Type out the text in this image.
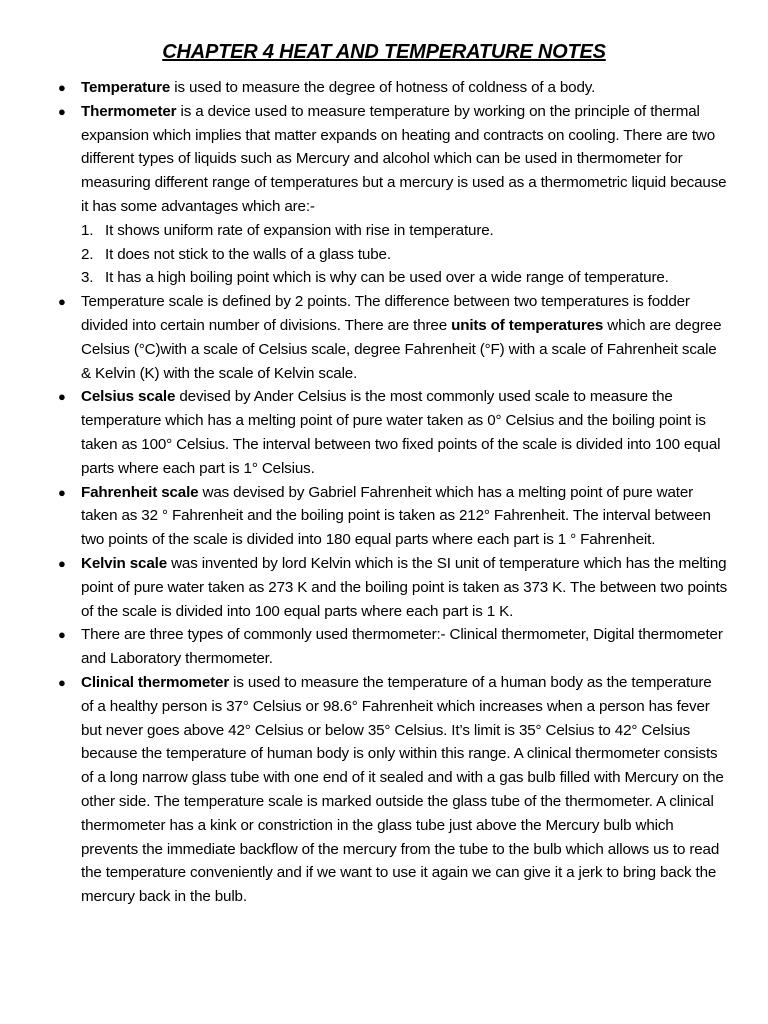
CHAPTER 4 HEAT AND TEMPERATURE NOTES
● Temperature is used to measure the degree of hotness of coldness of a body.
● Thermometer is a device used to measure temperature by working on the principle of thermal expansion which implies that matter expands on heating and contracts on cooling. There are two different types of liquids such as Mercury and alcohol which can be used in thermometer for measuring different range of temperatures but a mercury is used as a thermometric liquid because it has some advantages which are:-
1. It shows uniform rate of expansion with rise in temperature.
2. It does not stick to the walls of a glass tube.
3. It has a high boiling point which is why can be used over a wide range of temperature.
● Temperature scale is defined by 2 points. The difference between two temperatures is fodder divided into certain number of divisions. There are three units of temperatures which are degree Celsius (°C)with a scale of Celsius scale, degree Fahrenheit (°F) with a scale of Fahrenheit scale & Kelvin (K) with the scale of Kelvin scale.
● Celsius scale devised by Ander Celsius is the most commonly used scale to measure the temperature which has a melting point of pure water taken as 0° Celsius and the boiling point is taken as 100° Celsius. The interval between two fixed points of the scale is divided into 100 equal parts where each part is 1° Celsius.
● Fahrenheit scale was devised by Gabriel Fahrenheit which has a melting point of pure water taken as 32 ° Fahrenheit and the boiling point is taken as 212° Fahrenheit. The interval between two points of the scale is divided into 180 equal parts where each part is 1 ° Fahrenheit.
● Kelvin scale was invented by lord Kelvin which is the SI unit of temperature which has the melting point of pure water taken as 273 K and the boiling point is taken as 373 K. The between two points of the scale is divided into 100 equal parts where each part is 1 K.
● There are three types of commonly used thermometer:- Clinical thermometer, Digital thermometer and Laboratory thermometer.
● Clinical thermometer is used to measure the temperature of a human body as the temperature of a healthy person is 37° Celsius or 98.6° Fahrenheit which increases when a person has fever but never goes above 42° Celsius or below 35° Celsius. It’s limit is 35° Celsius to 42° Celsius because the temperature of human body is only within this range. A clinical thermometer consists of a long narrow glass tube with one end of it sealed and with a gas bulb filled with Mercury on the other side. The temperature scale is marked outside the glass tube of the thermometer. A clinical thermometer has a kink or constriction in the glass tube just above the Mercury bulb which prevents the immediate backflow of the mercury from the tube to the bulb which allows us to read the temperature conveniently and if we want to use it again we can give it a jerk to bring back the mercury back in the bulb.
